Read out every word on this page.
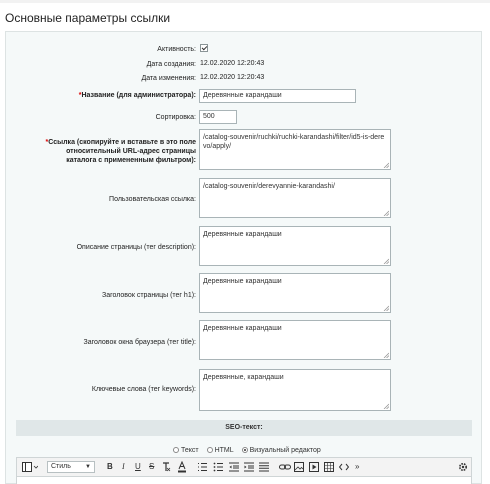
Основные параметры ссылки
Активность:
Дата создания: 12.02.2020 12:20:43
Дата изменения: 12.02.2020 12:20:43
*Название (для администратора):	Деревянные карандаши
Сортировка:	500
*Ссылка (скопируйте и вставьте в это поле относительный URL-адрес страницы каталога с примененным фильтром):
/catalog-souvenir/ruchki/ruchki-karandashi/filter/id5-is-derevo/apply/
Пользовательская ссылка:
/catalog-souvenir/derevyannie-karandashi/
Описание страницы (тег description):
Деревянные карандаши
Заголовок страницы (тег h1):
Деревянные карандаши
Заголовок окна браузера (тег title):
Деревянные карандаши
Ключевые слова (тег keywords):
Деревянные, карандаши
SEO-текст:
Текст HTML Визуальный редактор
Стиль ▼ B I U S	»
